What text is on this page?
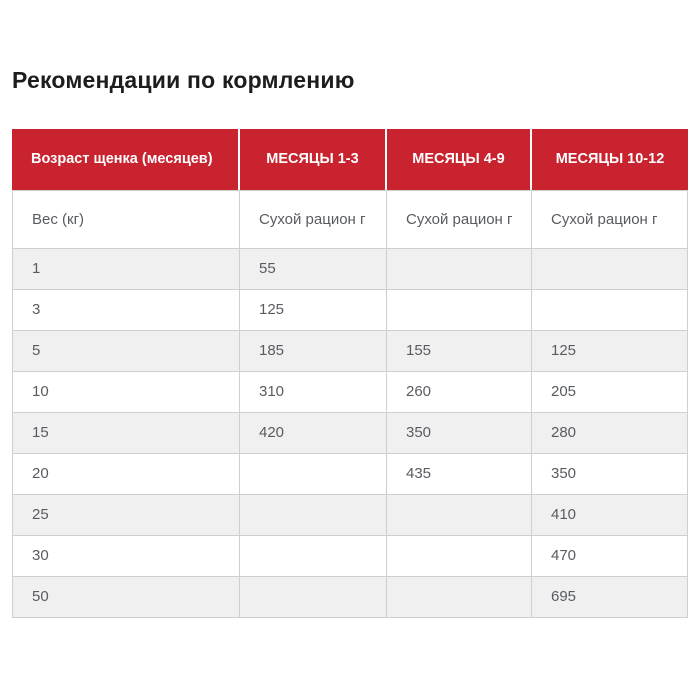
Рекомендации по кормлению
Возраст щенка (месяцев)	МЕСЯЦЫ 1-3	МЕСЯЦЫ 4-9	МЕСЯЦЫ 10-12
Вес (кг)	Сухой рацион г	Сухой рацион г	Сухой рацион г
1	55		
3	125		
5	185	155	125
10	310	260	205
15	420	350	280
20		435	350
25			410
30			470
50			695
